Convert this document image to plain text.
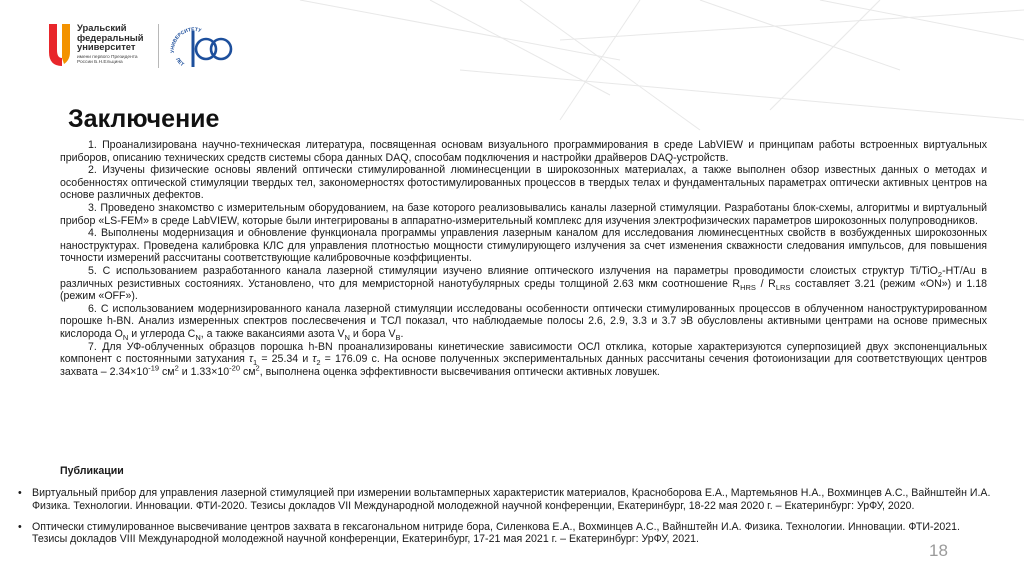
Уральский
федеральный
университет
имени первого Президента России Б.Н.Ельцина
УНИВЕРСИТЕТУ
ЛЕТ
Заключение

1. Проанализирована научно-техническая литература, посвященная основам визуального программирования в среде LabVIEW и принципам работы встроенных виртуальных приборов, описанию технических средств системы сбора данных DAQ, способам подключения и настройки драйверов DAQ-устройств.

2. Изучены физические основы явлений оптически стимулированной люминесценции в широкозонных материалах, а также выполнен обзор известных данных о методах и особенностях оптической стимуляции твердых тел, закономерностях фотостимулированных процессов в твердых телах и фундаментальных параметрах оптически активных центров на основе различных дефектов.

3. Проведено знакомство с измерительным оборудованием, на базе которого реализовывались каналы лазерной стимуляции. Разработаны блок-схемы, алгоритмы и виртуальный прибор «LS-FEM» в среде LabVIEW, которые были интегрированы в аппаратно-измерительный комплекс для изучения электрофизических параметров широкозонных полупроводников.

4. Выполнены модернизация и обновление функционала программы управления лазерным каналом для исследования люминесцентных свойств в возбужденных широкозонных наноструктурах. Проведена калибровка КЛС для управления плотностью мощности стимулирующего излучения за счет изменения скважности следования импульсов, для повышения точности измерений рассчитаны соответствующие калибровочные коэффициенты.

5. С использованием разработанного канала лазерной стимуляции изучено влияние оптического излучения на параметры проводимости слоистых структур Ti/TiO$_2$-HT/Au в различных резистивных состояниях. Установлено, что для мемристорной нанотубулярных среды толщиной 2.63 мкм соотношение $R_{HRS} / R_{LRS}$ составляет 3.21 (режим «ON») и 1.18 (режим «OFF»).

6. С использованием модернизированного канала лазерной стимуляции исследованы особенности оптически стимулированных процессов в облученном наноструктурированном порошке h-BN. Анализ измеренных спектров послесвечения и ТСЛ показал, что наблюдаемые полосы 2.6, 2.9, 3.3 и 3.7 эВ обусловлены активными центрами на основе примесных кислорода $O_N$ и углерода $C_N$, а также вакансиями азота $V_N$ и бора $V_B$.

7. Для УФ-облученных образцов порошка h-BN проанализированы кинетические зависимости ОСЛ отклика, которые характеризуются суперпозицией двух экспоненциальных компонент с постоянными затухания $\tau_1 = 25.34$ и $\tau_2 = 176.09$ с. На основе полученных экспериментальных данных рассчитаны сечения фотоионизации для соответствующих центров захвата – $2.34\times 10^{-19}$ $см^2$ и $1.33\times 10^{-20}$ $см^2$, выполнена оценка эффективности высвечивания оптически активных ловушек.

Публикации
• Виртуальный прибор для управления лазерной стимуляцией при измерении вольтамперных характеристик материалов, Красноборова Е.А., Мартемьянов Н.А., Вохминцев А.С., Вайнштейн И.А. Физика. Технологии. Инновации. ФТИ-2020. Тезисы докладов VII Международной молодежной научной конференции, Екатеринбург, 18-22 мая 2020 г. – Екатеринбург: УрФУ, 2020.
• Оптически стимулированное высвечивание центров захвата в гексагональном нитриде бора, Силенкова Е.А., Вохминцев А.С., Вайнштейн И.А. Физика. Технологии. Инновации. ФТИ-2021. Тезисы докладов VIII Международной молодежной научной конференции, Екатеринбург, 17-21 мая 2021 г. – Екатеринбург: УрФУ, 2021.
18
